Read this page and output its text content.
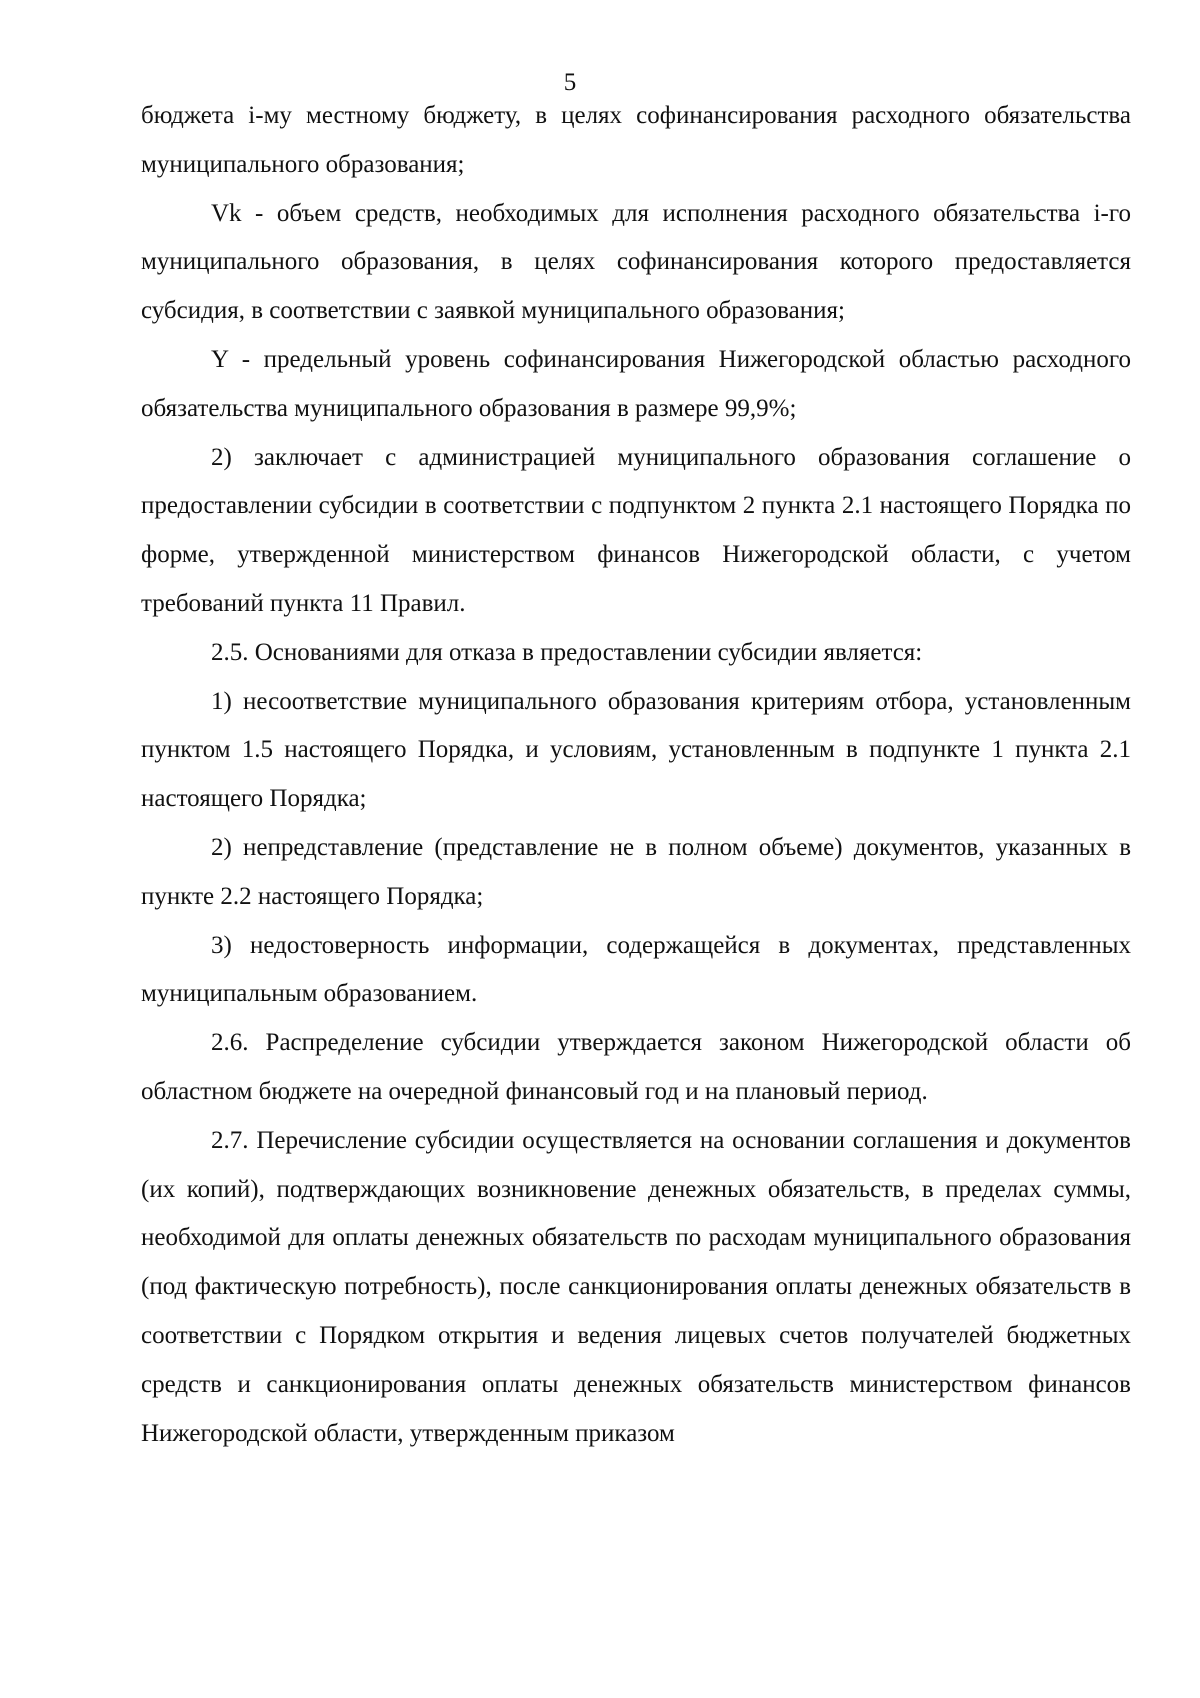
5

бюджета i-му местному бюджету, в целях софинансирования расходного обязательства муниципального образования;

Vk - объем средств, необходимых для исполнения расходного обязательства i-го муниципального образования, в целях софинансирования которого предоставляется субсидия, в соответствии с заявкой муниципального образования;

Y - предельный уровень софинансирования Нижегородской областью расходного обязательства муниципального образования в размере 99,9%;

2) заключает с администрацией муниципального образования соглашение о предоставлении субсидии в соответствии с подпунктом 2 пункта 2.1 настоящего Порядка по форме, утвержденной министерством финансов Нижегородской области, с учетом требований пункта 11 Правил.

2.5. Основаниями для отказа в предоставлении субсидии является:

1) несоответствие муниципального образования критериям отбора, установленным пунктом 1.5 настоящего Порядка, и условиям, установленным в подпункте 1 пункта 2.1 настоящего Порядка;

2) непредставление (представление не в полном объеме) документов, указанных в пункте 2.2 настоящего Порядка;

3) недостоверность информации, содержащейся в документах, представленных муниципальным образованием.

2.6. Распределение субсидии утверждается законом Нижегородской области об областном бюджете на очередной финансовый год и на плановый период.

2.7. Перечисление субсидии осуществляется на основании соглашения и документов (их копий), подтверждающих возникновение денежных обязательств, в пределах суммы, необходимой для оплаты денежных обязательств по расходам муниципального образования (под фактическую потребность), после санкционирования оплаты денежных обязательств в соответствии с Порядком открытия и ведения лицевых счетов получателей бюджетных средств и санкционирования оплаты денежных обязательств министерством финансов Нижегородской области, утвержденным приказом
